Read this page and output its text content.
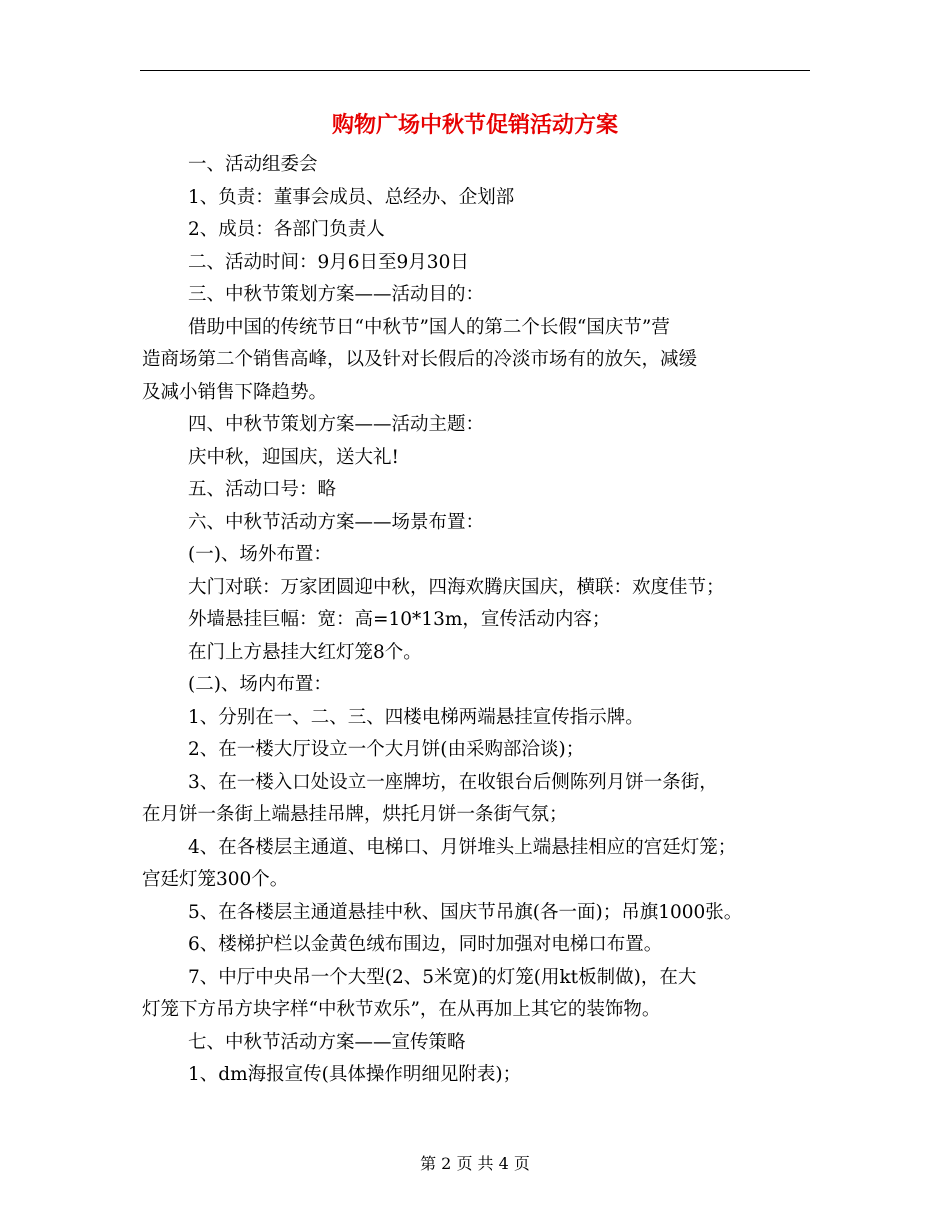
购物广场中秋节促销活动方案

一、活动组委会

1、负责：董事会成员、总经办、企划部

2、成员：各部门负责人

二、活动时间：9月6日至9月30日

三、中秋节策划方案——活动目的：

借助中国的传统节日“中秋节”国人的第二个长假“国庆节”营

造商场第二个销售高峰，以及针对长假后的冷淡市场有的放矢，减缓

及减小销售下降趋势。

四、中秋节策划方案——活动主题：

庆中秋，迎国庆，送大礼!

五、活动口号：略

六、中秋节活动方案——场景布置：

(一)、场外布置：

大门对联：万家团圆迎中秋，四海欢腾庆国庆，横联：欢度佳节；

外墙悬挂巨幅：宽：高=10*13m，宣传活动内容；

在门上方悬挂大红灯笼8个。

(二)、场内布置：

1、分别在一、二、三、四楼电梯两端悬挂宣传指示牌。

2、在一楼大厅设立一个大月饼(由采购部洽谈)；

3、在一楼入口处设立一座牌坊，在收银台后侧陈列月饼一条街，

在月饼一条街上端悬挂吊牌，烘托月饼一条街气氛；

4、在各楼层主通道、电梯口、月饼堆头上端悬挂相应的宫廷灯笼；

宫廷灯笼300个。

5、在各楼层主通道悬挂中秋、国庆节吊旗(各一面)；吊旗1000张。

6、楼梯护栏以金黄色绒布围边，同时加强对电梯口布置。

7、中厅中央吊一个大型(2、5米宽)的灯笼(用kt板制做)，在大

灯笼下方吊方块字样“中秋节欢乐”，在从再加上其它的装饰物。

七、中秋节活动方案——宣传策略

1、dm海报宣传(具体操作明细见附表)；

第 2 页 共 4 页
